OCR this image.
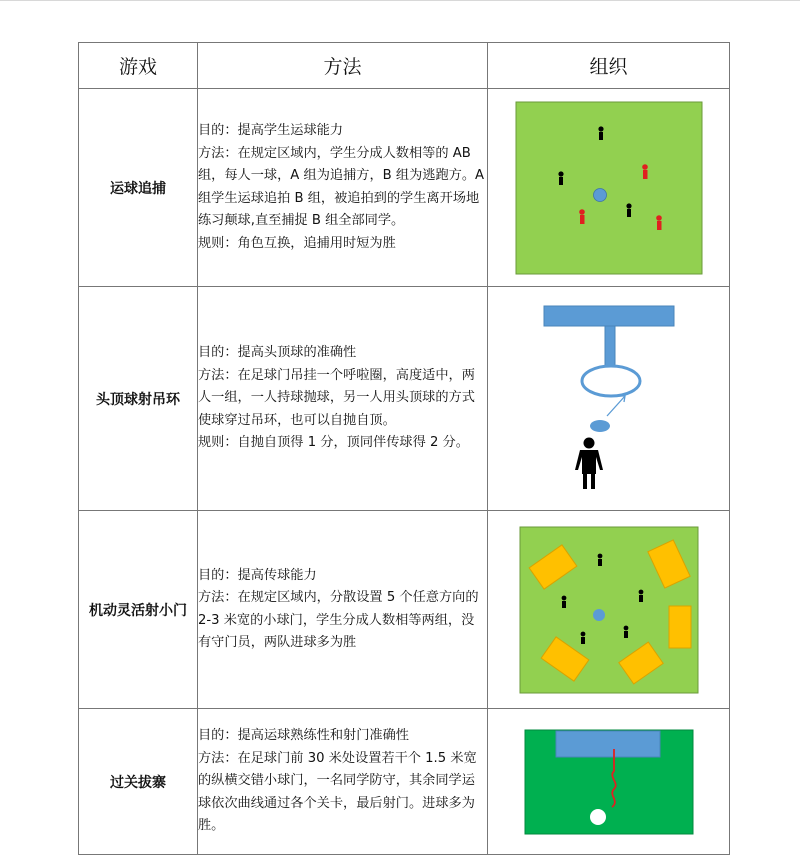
游戏	方法	组织
运球追捕	目的：提高学生运球能力

方法：在规定区域内，学生分成人数相等的 AB 组，每人一球，A 组为追捕方，B 组为逃跑方。A 组学生运球追拍 B 组，被追拍到的学生离开场地练习颠球,直至捕捉 B 组全部同学。

规则：角色互换，追捕用时短为胜

头顶球射吊环	目的：提高头顶球的准确性

方法：在足球门吊挂一个呼啦圈，高度适中，两人一组，一人持球抛球，另一人用头顶球的方式使球穿过吊环，也可以自抛自顶。

规则：自抛自顶得 1 分，顶同伴传球得 2 分。

机动灵活射小门	目的：提高传球能力

方法：在规定区域内，分散设置 5 个任意方向的 2-3 米宽的小球门，学生分成人数相等两组，没有守门员，两队进球多为胜

过关拔寨	目的：提高运球熟练性和射门准确性

方法：在足球门前 30 米处设置若干个 1.5 米宽的纵横交错小球门，一名同学防守，其余同学运球依次曲线通过各个关卡，最后射门。进球多为胜。
